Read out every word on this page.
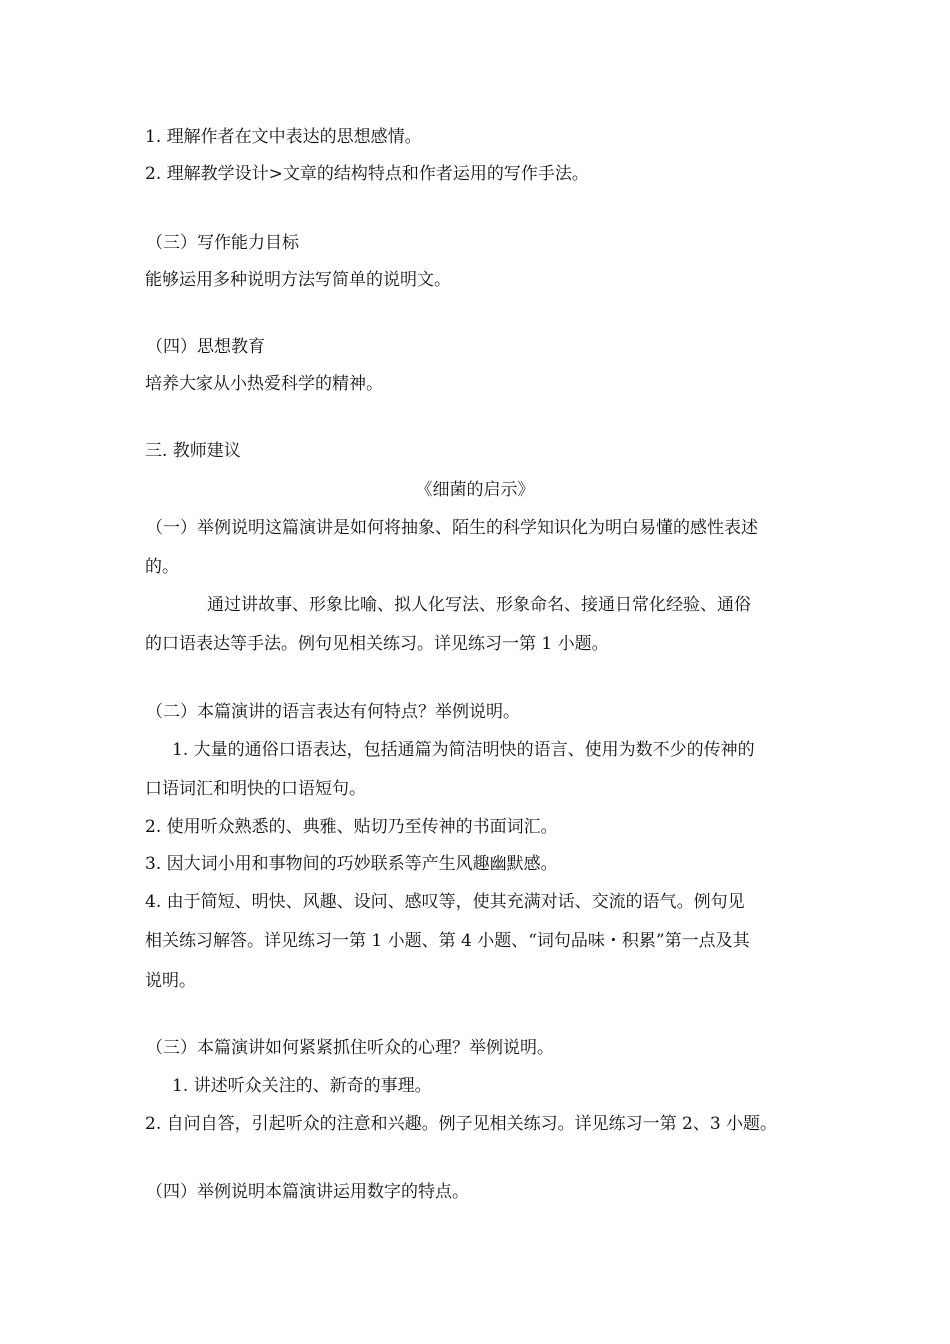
1. 理解作者在文中表达的思想感情。
2. 理解教学设计>文章的结构特点和作者运用的写作手法。
（三）写作能力目标
能够运用多种说明方法写简单的说明文。
（四）思想教育
培养大家从小热爱科学的精神。
三. 教师建议
《细菌的启示》
（一）举例说明这篇演讲是如何将抽象、陌生的科学知识化为明白易懂的感性表述
的。
通过讲故事、形象比喻、拟人化写法、形象命名、接通日常化经验、通俗
的口语表达等手法。例句见相关练习。详见练习一第 1 小题。
（二）本篇演讲的语言表达有何特点？举例说明。
1. 大量的通俗口语表达，包括通篇为简洁明快的语言、使用为数不少的传神的
口语词汇和明快的口语短句。
2. 使用听众熟悉的、典雅、贴切乃至传神的书面词汇。
3. 因大词小用和事物间的巧妙联系等产生风趣幽默感。
4. 由于简短、明快、风趣、设问、感叹等，使其充满对话、交流的语气。例句见
相关练习解答。详见练习一第 1 小题、第 4 小题、“词句品味・积累”第一点及其
说明。
（三）本篇演讲如何紧紧抓住听众的心理？举例说明。
1. 讲述听众关注的、新奇的事理。
2. 自问自答，引起听众的注意和兴趣。例子见相关练习。详见练习一第 2、3 小题。
（四）举例说明本篇演讲运用数字的特点。
